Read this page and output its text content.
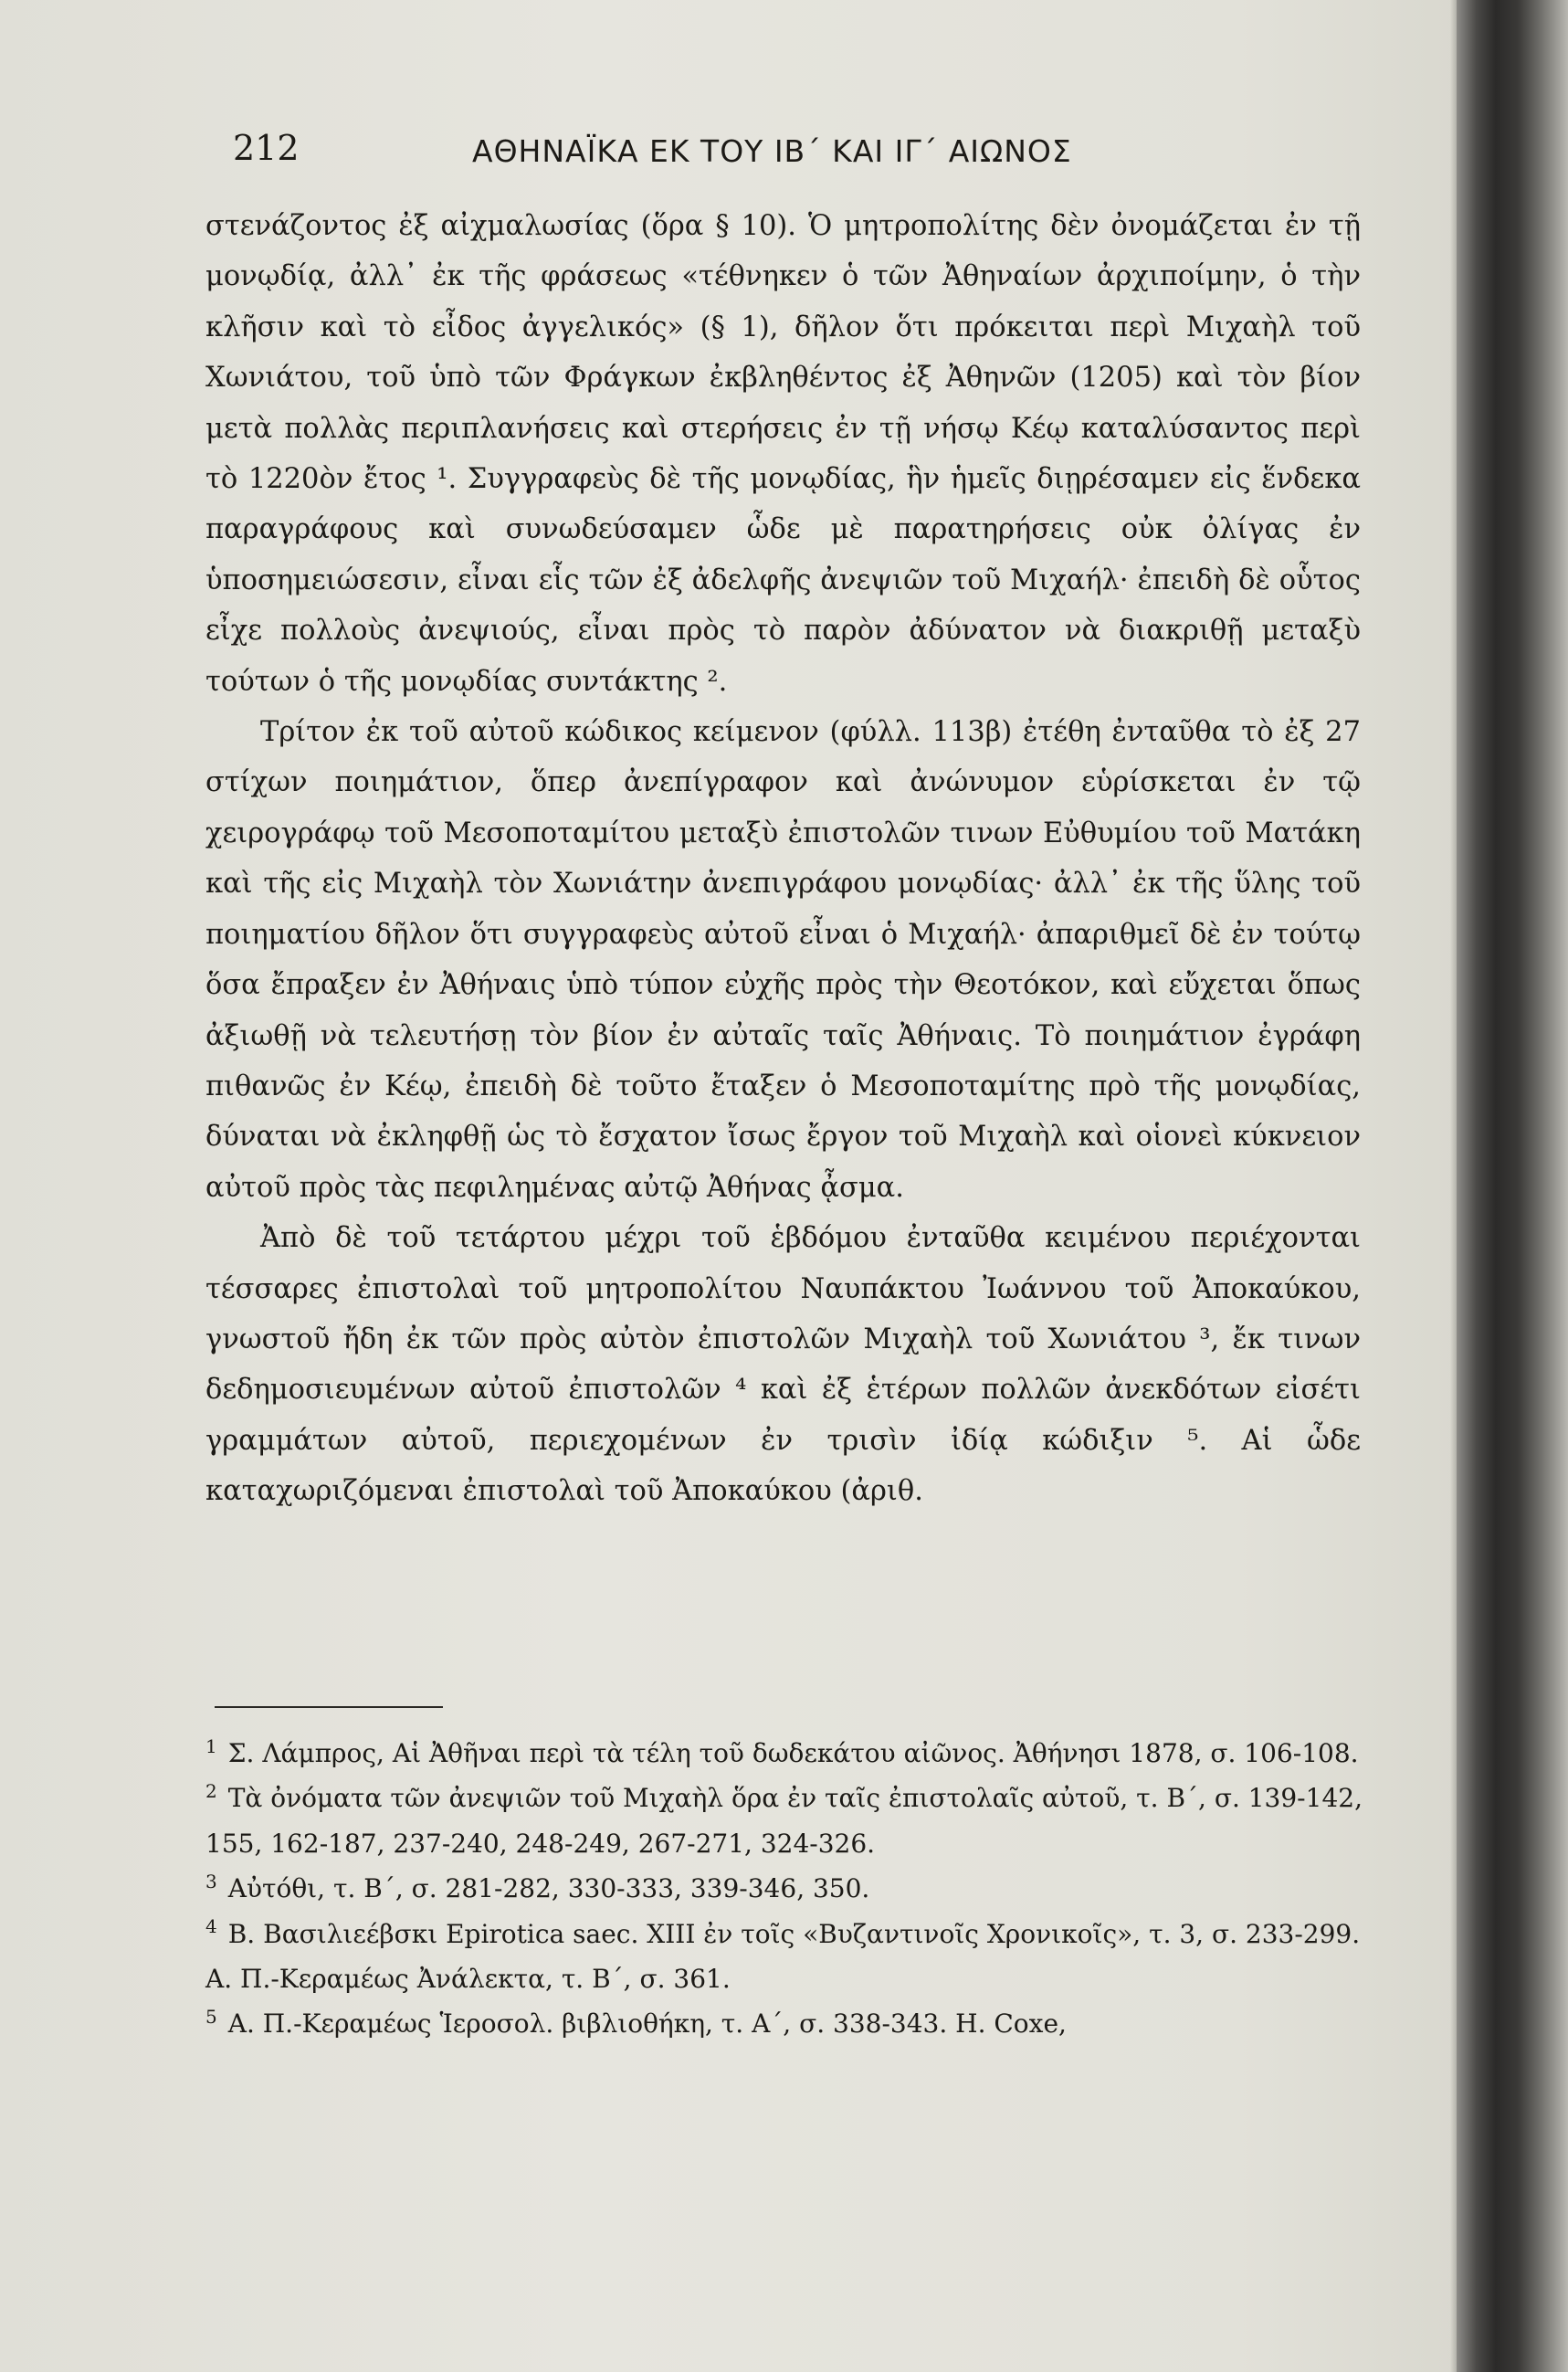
212	ΑΘΗΝΑΪΚΑ ΕΚ ΤΟΥ ΙΒ΄ ΚΑΙ ΙΓ΄ ΑΙΩΝΟΣ

στενάζοντος ἐξ αἰχμαλωσίας (ὅρα § 10). Ὁ μητροπολίτης δὲν ὀνομάζεται ἐν τῇ μονῳδίᾳ, ἀλλ᾽ ἐκ τῆς φράσεως «τέθνηκεν ὁ τῶν Ἀθηναίων ἀρχιποίμην, ὁ τὴν κλῆσιν καὶ τὸ εἶδος ἀγγελικός» (§ 1), δῆλον ὅτι πρόκειται περὶ Μιχαὴλ τοῦ Χωνιάτου, τοῦ ὑπὸ τῶν Φράγκων ἐκβληθέντος ἐξ Ἀθηνῶν (1205) καὶ τὸν βίον μετὰ πολλὰς περιπλανήσεις καὶ στερήσεις ἐν τῇ νήσῳ Κέῳ καταλύσαντος περὶ τὸ 1220ὸν ἔτος ¹. Συγγραφεὺς δὲ τῆς μονῳδίας, ἣν ἡμεῖς διῃρέσαμεν εἰς ἕνδεκα παραγράφους καὶ συνωδεύσαμεν ὧδε μὲ παρατηρήσεις οὐκ ὀλίγας ἐν ὑποσημειώσεσιν, εἶναι εἷς τῶν ἐξ ἀδελφῆς ἀνεψιῶν τοῦ Μιχαήλ· ἐπειδὴ δὲ οὗτος εἶχε πολλοὺς ἀνεψιούς, εἶναι πρὸς τὸ παρὸν ἀδύνατον νὰ διακριθῇ μεταξὺ τούτων ὁ τῆς μονῳδίας συντάκτης ².

Τρίτον ἐκ τοῦ αὐτοῦ κώδικος κείμενον (φύλλ. 113β) ἐτέθη ἐνταῦθα τὸ ἐξ 27 στίχων ποιημάτιον, ὅπερ ἀνεπίγραφον καὶ ἀνώνυμον εὑρίσκεται ἐν τῷ χειρογράφῳ τοῦ Μεσοποταμίτου μεταξὺ ἐπιστολῶν τινων Εὐθυμίου τοῦ Ματάκη καὶ τῆς εἰς Μιχαὴλ τὸν Χωνιάτην ἀνεπιγράφου μονῳδίας· ἀλλ᾽ ἐκ τῆς ὕλης τοῦ ποιηματίου δῆλον ὅτι συγγραφεὺς αὐτοῦ εἶναι ὁ Μιχαήλ· ἀπαριθμεῖ δὲ ἐν τούτῳ ὅσα ἔπραξεν ἐν Ἀθήναις ὑπὸ τύπον εὐχῆς πρὸς τὴν Θεοτόκον, καὶ εὔχεται ὅπως ἀξιωθῇ νὰ τελευτήσῃ τὸν βίον ἐν αὐταῖς ταῖς Ἀθήναις. Τὸ ποιημάτιον ἐγράφη πιθανῶς ἐν Κέῳ, ἐπειδὴ δὲ τοῦτο ἔταξεν ὁ Μεσοποταμίτης πρὸ τῆς μονῳδίας, δύναται νὰ ἐκληφθῇ ὡς τὸ ἔσχατον ἴσως ἔργον τοῦ Μιχαὴλ καὶ οἱονεὶ κύκνειον αὐτοῦ πρὸς τὰς πεφιλημένας αὐτῷ Ἀθήνας ᾆσμα.

Ἀπὸ δὲ τοῦ τετάρτου μέχρι τοῦ ἑβδόμου ἐνταῦθα κειμένου περιέχονται τέσσαρες ἐπιστολαὶ τοῦ μητροπολίτου Ναυπάκτου Ἰωάννου τοῦ Ἀποκαύκου, γνωστοῦ ἤδη ἐκ τῶν πρὸς αὐτὸν ἐπιστολῶν Μιχαὴλ τοῦ Χωνιάτου ³, ἔκ τινων δεδημοσιευμένων αὐτοῦ ἐπιστολῶν ⁴ καὶ ἐξ ἑτέρων πολλῶν ἀνεκδότων εἰσέτι γραμμάτων αὐτοῦ, περιεχομένων ἐν τρισὶν ἰδίᾳ κώδιξιν ⁵. Αἱ ὧδε καταχωριζόμεναι ἐπιστολαὶ τοῦ Ἀποκαύκου (ἀριθ.

$^1$ Σ. Λάμπρος, Αἱ Ἀθῆναι περὶ τὰ τέλη τοῦ δωδεκάτου αἰῶνος. Ἀθήνησι 1878, σ. 106-108.

$^2$ Τὰ ὀνόματα τῶν ἀνεψιῶν τοῦ Μιχαὴλ ὅρα ἐν ταῖς ἐπιστολαῖς αὐτοῦ, τ. Β΄, σ. 139-142, 155, 162-187, 237-240, 248-249, 267-271, 324-326.

$^3$ Αὐτόθι, τ. Β΄, σ. 281-282, 330-333, 339-346, 350.

$^4$ Β. Βασιλιεέβσκι Epirotica saec. XIII ἐν τοῖς «Βυζαντινοῖς Χρονικοῖς», τ. 3, σ. 233-299. Α. Π.-Κεραμέως Ἀνάλεκτα, τ. Β΄, σ. 361.

$^5$ Α. Π.-Κεραμέως Ἱεροσολ. βιβλιοθήκη, τ. Α΄, σ. 338-343. Η. Coxe,
